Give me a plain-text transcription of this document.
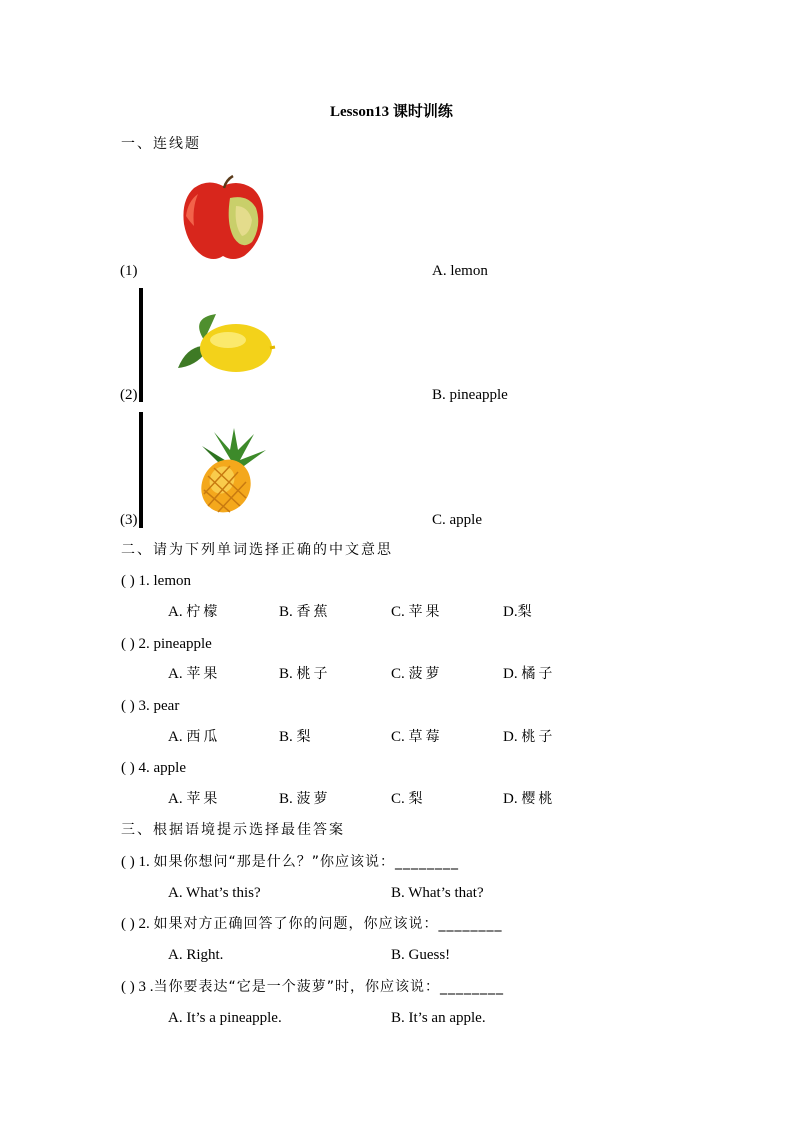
Lesson13 课时训练
一、连线题
(1)	A. lemon
(2)	B. pineapple
(3)	C. apple
二、请为下列单词选择正确的中文意思
( ) 1. lemon
A. 柠檬	B. 香蕉	C. 苹果	D.梨
( ) 2. pineapple
A. 苹果	B. 桃子	C. 菠萝	D. 橘子
( ) 3. pear
A. 西瓜	B. 梨	C. 草莓	D. 桃子
( ) 4. apple
A. 苹果	B. 菠萝	C. 梨	D. 樱桃
三、根据语境提示选择最佳答案
( ) 1. 如果你想问“那是什么？”你应该说：________
A. What’s this?	B. What’s that?
( ) 2. 如果对方正确回答了你的问题，你应该说：________
A. Right.	B. Guess!
( ) 3 .当你要表达“它是一个菠萝”时，你应该说：________
A. It’s a pineapple.	B. It’s an apple.
